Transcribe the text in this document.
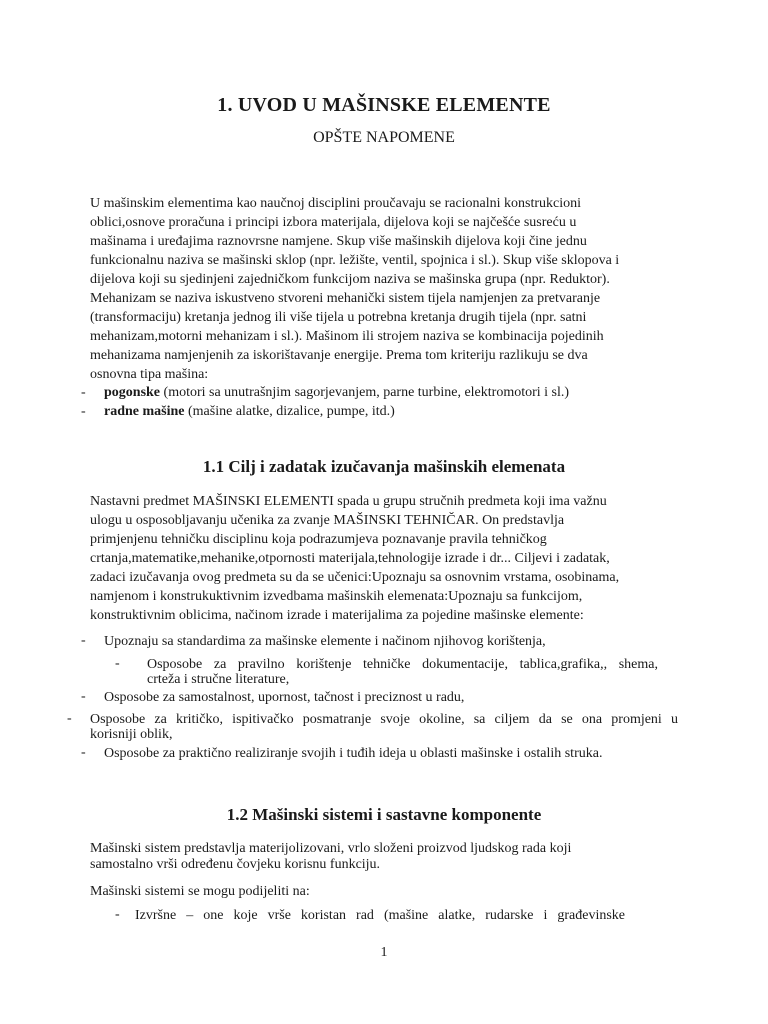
1. UVOD U MAŠINSKE ELEMENTE
OPŠTE NAPOMENE
U mašinskim elementima kao naučnoj disciplini proučavaju se racionalni konstrukcioni
oblici,osnove proračuna i principi izbora materijala, dijelova koji se najčešće susreću u
mašinama i uređajima raznovrsne namjene. Skup više mašinskih dijelova koji čine jednu
funkcionalnu naziva se mašinski sklop (npr. ležište, ventil, spojnica i sl.). Skup više sklopova i
dijelova koji su sjedinjeni zajedničkom funkcijom naziva se mašinska grupa (npr. Reduktor).
Mehanizam se naziva iskustveno stvoreni mehanički sistem tijela namjenjen za pretvaranje
(transformaciju) kretanja jednog ili više tijela u potrebna kretanja drugih tijela (npr. satni
mehanizam,motorni mehanizam i sl.). Mašinom ili strojem naziva se kombinacija pojedinih
mehanizama namjenjenih za iskorištavanje energije. Prema tom kriteriju razlikuju se dva
osnovna tipa mašina:
- pogonske (motori sa unutrašnjim sagorjevanjem, parne turbine, elektromotori i sl.)
- radne mašine (mašine alatke, dizalice, pumpe, itd.)
1.1 Cilj i zadatak izučavanja mašinskih elemenata
Nastavni predmet MAŠINSKI ELEMENTI spada u grupu stručnih predmeta koji ima važnu
ulogu u osposobljavanju učenika za zvanje MAŠINSKI TEHNIČAR. On predstavlja
primjenjenu tehničku disciplinu koja podrazumjeva poznavanje pravila tehničkog
crtanja,matematike,mehanike,otpornosti materijala,tehnologije izrade i dr... Ciljevi i zadatak,
zadaci izučavanja ovog predmeta su da se učenici:Upoznaju sa osnovnim vrstama, osobinama,
namjenom i konstrukuktivnim izvedbama mašinskih elemenata:Upoznaju sa funkcijom,
konstruktivnim oblicima, načinom izrade i materijalima za pojedine mašinske elemente:
- Upoznaju sa standardima za mašinske elemente i načinom njihovog korištenja,
- Osposobe za pravilno korištenje tehničke dokumentacije, tablica,grafika,, shema,
crteža i stručne literature,
- Osposobe za samostalnost, upornost, tačnost i preciznost u radu,
- Osposobe za kritičko, ispitivačko posmatranje svoje okoline, sa ciljem da se ona promjeni u
korisniji oblik,
- Osposobe za praktično realiziranje svojih i tuđih ideja u oblasti mašinske i ostalih struka.
1.2 Mašinski sistemi i sastavne komponente
Mašinski sistem predstavlja materijolizovani, vrlo složeni proizvod ljudskog rada koji
samostalno vrši određenu čovjeku korisnu funkciju.
Mašinski sistemi se mogu podijeliti na:
- Izvršne – one koje vrše koristan rad (mašine alatke, rudarske i građevinske
1
